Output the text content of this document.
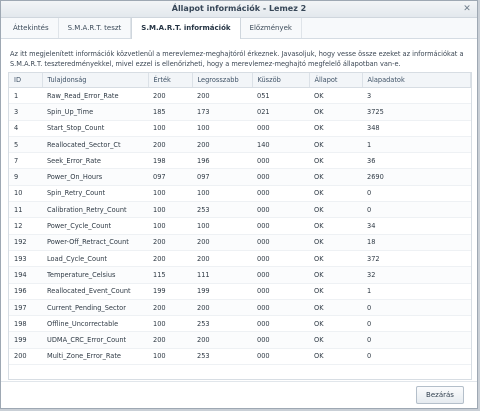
Állapot információk - Lemez 2	✕
Áttekintés	S.M.A.R.T. teszt	S.M.A.R.T. információk	Előzmények
Az itt megjelenített információk közvetlenül a merevlemez-meghajtóról érkeznek. Javasoljuk, hogy vesse össze ezeket az információkat a S.M.A.R.T. teszteredményekkel, mivel ezzel is ellenőrizheti, hogy a merevlemez-meghajtó megfelelő állapotban van-e.
ID	Tulajdonság	Érték	Legrosszabb	Küszöb	Állapot	Alapadatok
1	Raw_Read_Error_Rate	200	200	051	OK	3
3	Spin_Up_Time	185	173	021	OK	3725
4	Start_Stop_Count	100	100	000	OK	348
5	Reallocated_Sector_Ct	200	200	140	OK	1
7	Seek_Error_Rate	198	196	000	OK	36
9	Power_On_Hours	097	097	000	OK	2690
10	Spin_Retry_Count	100	100	000	OK	0
11	Calibration_Retry_Count	100	253	000	OK	0
12	Power_Cycle_Count	100	100	000	OK	34
192	Power-Off_Retract_Count	200	200	000	OK	18
193	Load_Cycle_Count	200	200	000	OK	372
194	Temperature_Celsius	115	111	000	OK	32
196	Reallocated_Event_Count	199	199	000	OK	1
197	Current_Pending_Sector	200	200	000	OK	0
198	Offline_Uncorrectable	100	253	000	OK	0
199	UDMA_CRC_Error_Count	200	200	000	OK	0
200	Multi_Zone_Error_Rate	100	253	000	OK	0
Bezárás
